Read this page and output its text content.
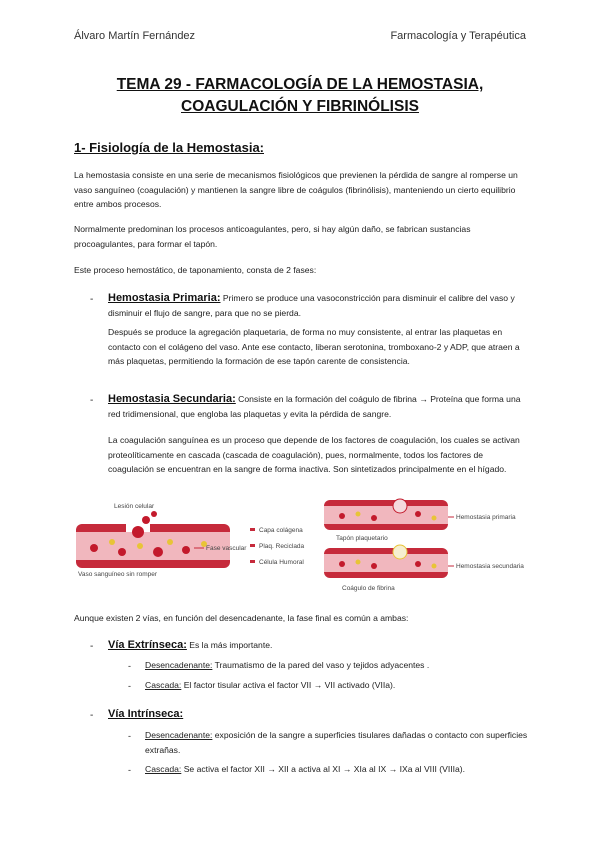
Álvaro Martín Fernández	Farmacología y Terapéutica
TEMA 29 - FARMACOLOGÍA DE LA HEMOSTASIA,
COAGULACIÓN Y FIBRINÓLISIS
1- Fisiología de la Hemostasia:
La hemostasia consiste en una serie de mecanismos fisiológicos que previenen la pérdida de sangre al romperse un vaso sanguíneo (coagulación) y mantienen la sangre libre de coágulos (fibrinólisis), manteniendo un cierto equilibrio entre ambos procesos.
Normalmente predominan los procesos anticoagulantes, pero, si hay algún daño, se fabrican sustancias procoagulantes, para formar el tapón.
Este proceso hemostático, de taponamiento, consta de 2 fases:
- Hemostasia Primaria: Primero se produce una vasoconstricción para disminuir el calibre del vaso y disminuir el flujo de sangre, para que no se pierda.
Después se produce la agregación plaquetaria, de forma no muy consistente, al entrar las plaquetas en contacto con el colágeno del vaso. Ante ese contacto, liberan serotonina, tromboxano-2 y ADP, que atraen a más plaquetas, permitiendo la formación de ese tapón carente de consistencia.
- Hemostasia Secundaria: Consiste en la formación del coágulo de fibrina → Proteína que forma una red tridimensional, que engloba las plaquetas y evita la pérdida de sangre.
La coagulación sanguínea es un proceso que depende de los factores de coagulación, los cuales se activan proteolíticamente en cascada (cascada de coagulación), pues, normalmente, todos los factores de coagulación se encuentran en la sangre de forma inactiva. Son sintetizados principalmente en el hígado.
Lesión celular
Vaso sanguíneo sin romper
Fase vascular
Capa colágena
Plaq. Reciclada
Célula Humoral
Tapón plaquetario
Hemostasia primaria
Coágulo de fibrina
Hemostasia secundaria
Aunque existen 2 vías, en función del desencadenante, la fase final es común a ambas:
- Vía Extrínseca: Es la más importante.
- Desencadenante: Traumatismo de la pared del vaso y tejidos adyacentes .
- Cascada: El factor tisular activa el factor VII → VII activado (VIIa).
- Vía Intrínseca:
- Desencadenante: exposición de la sangre a superficies tisulares dañadas o contacto con superficies extrañas.
- Cascada: Se activa el factor XII → XII a activa al XI → XIa al IX → IXa al VIII (VIIIa).
